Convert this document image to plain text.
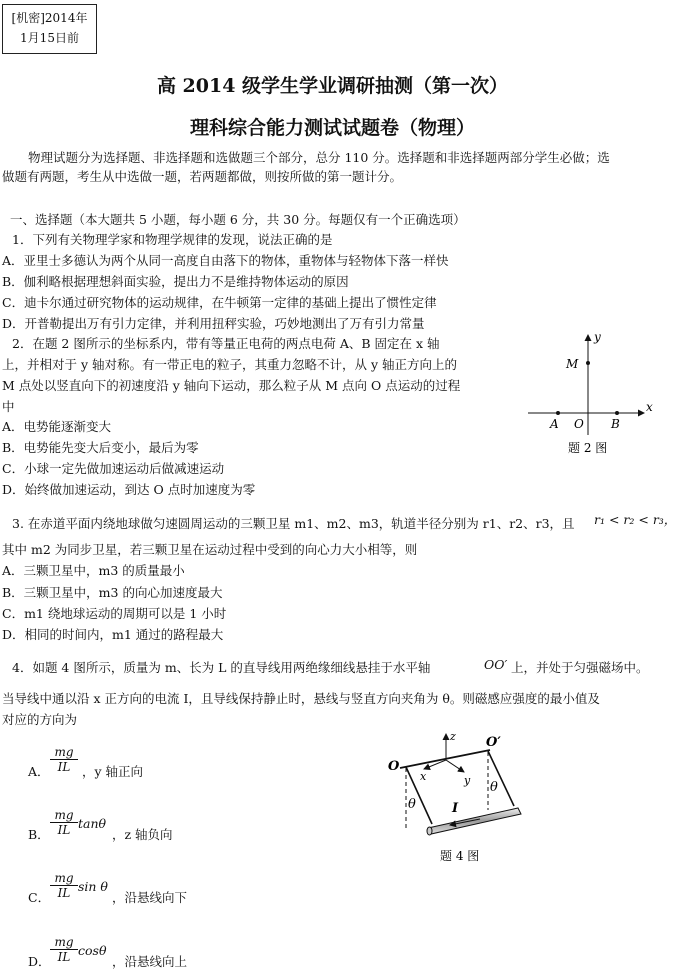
[机密]2014年
1月15日前
高 2014 级学生学业调研抽测（第一次）
理科综合能力测试试题卷（物理）
物理试题分为选择题、非选择题和选做题三个部分，总分 110 分。选择题和非选择题两部分学生必做；选
做题有两题，考生从中选做一题，若两题都做，则按所做的第一题计分。
一、选择题（本大题共 5 小题，每小题 6 分，共 30 分。每题仅有一个正确选项）
1．下列有关物理学家和物理学规律的发现，说法正确的是
A．亚里士多德认为两个从同一高度自由落下的物体，重物体与轻物体下落一样快
B．伽利略根据理想斜面实验，提出力不是维持物体运动的原因
C．迪卡尔通过研究物体的运动规律，在牛顿第一定律的基础上提出了惯性定律
D．开普勒提出万有引力定律，并利用扭秤实验，巧妙地测出了万有引力常量
2．在题 2 图所示的坐标系内，带有等量正电荷的两点电荷 A、B 固定在 x 轴
上，并相对于 y 轴对称。有一带正电的粒子，其重力忽略不计，从 y 轴正方向上的
M 点处以竖直向下的初速度沿 y 轴向下运动，那么粒子从 M 点向 O 点运动的过程
中
A．电势能逐渐变大
B．电势能先变大后变小，最后为零
C．小球一定先做加速运动后做减速运动
D．始终做加速运动，到达 O 点时加速度为零
y
x
M
A O B
题 2 图
3. 在赤道平面内绕地球做匀速圆周运动的三颗卫星 m1、m2、m3，轨道半径分别为 r1、r2、r3，且 r₁ < r₂ < r₃，
其中 m2 为同步卫星，若三颗卫星在运动过程中受到的向心力大小相等，则
A．三颗卫星中，m3 的质量最小
B．三颗卫星中，m3 的向心加速度最大
C．m1 绕地球运动的周期可以是 1 小时
D．相同的时间内，m1 通过的路程最大
4．如题 4 图所示，质量为 m、长为 L 的直导线用两绝缘细线悬挂于水平轴	OO′ 上，并处于匀强磁场中。
当导线中通以沿 x 正方向的电流 I，且导线保持静止时，悬线与竖直方向夹角为 θ。则磁感应强度的最小值及
对应的方向为
A． $\frac{mg}{IL}$ ，y 轴正向
B． $\frac{mg}{IL}$ tanθ
，z 轴负向
C． $\frac{mg}{IL}$ sin θ
，沿悬线向下
D． $\frac{mg}{IL}$ cosθ
，沿悬线向上
O
O′
x	y
z
θ
θ
I
题 4 图
